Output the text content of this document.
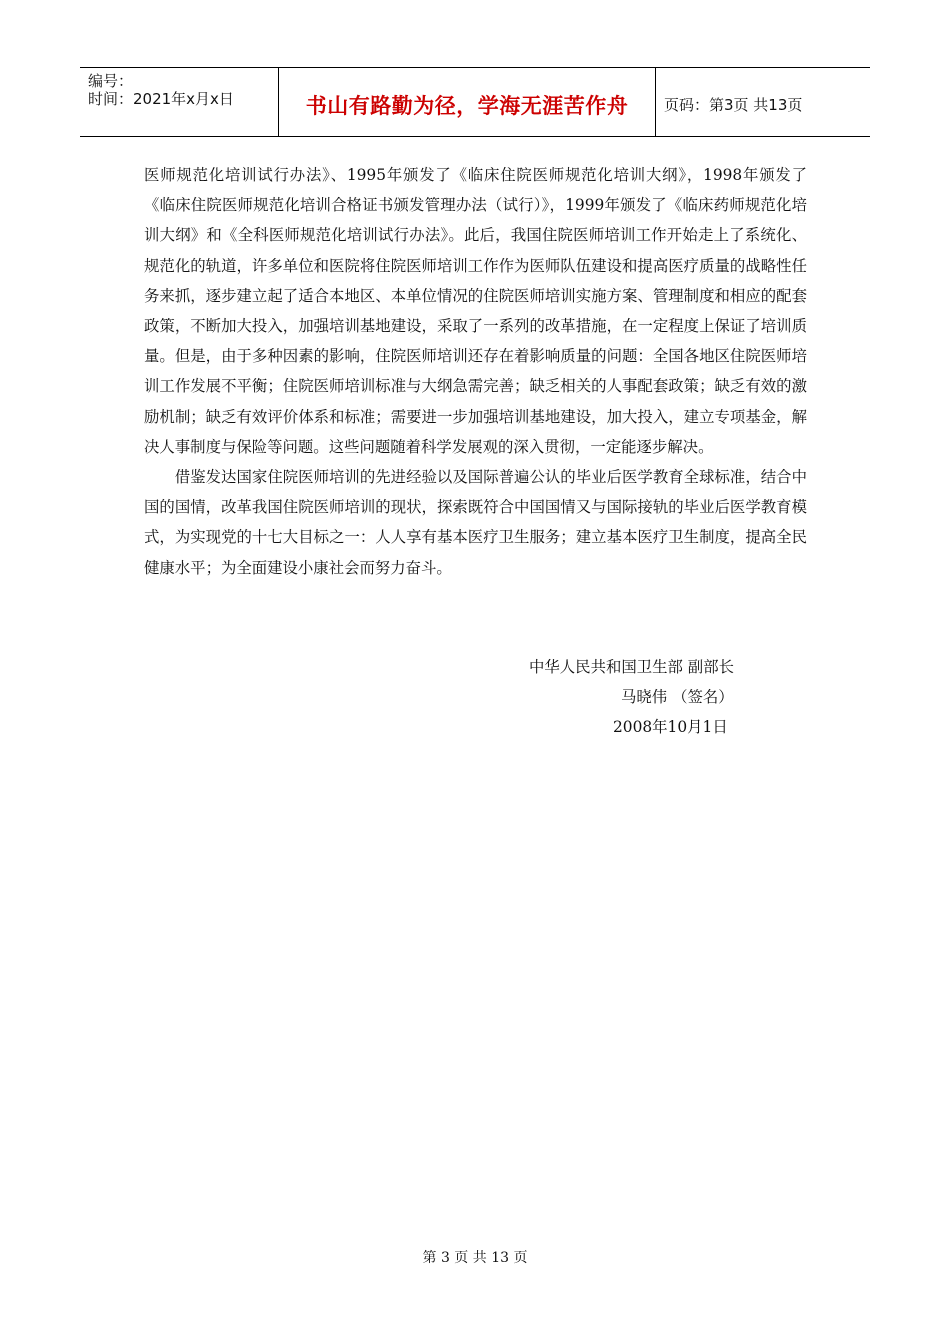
编号：
时间：2021年x月x日	书山有路勤为径，学海无涯苦作舟 页码：第3页 共13页

医师规范化培训试行办法》、1995年颁发了《临床住院医师规范化培训大纲》，1998年颁发了《临床住院医师规范化培训合格证书颁发管理办法（试行）》，1999年颁发了《临床药师规范化培训大纲》和《全科医师规范化培训试行办法》。此后，我国住院医师培训工作开始走上了系统化、规范化的轨道，许多单位和医院将住院医师培训工作作为医师队伍建设和提高医疗质量的战略性任务来抓，逐步建立起了适合本地区、本单位情况的住院医师培训实施方案、管理制度和相应的配套政策，不断加大投入，加强培训基地建设，采取了一系列的改革措施，在一定程度上保证了培训质量。但是，由于多种因素的影响，住院医师培训还存在着影响质量的问题：全国各地区住院医师培训工作发展不平衡；住院医师培训标准与大纲急需完善；缺乏相关的人事配套政策；缺乏有效的激励机制；缺乏有效评价体系和标准；需要进一步加强培训基地建设，加大投入，建立专项基金，解决人事制度与保险等问题。这些问题随着科学发展观的深入贯彻，一定能逐步解决。

借鉴发达国家住院医师培训的先进经验以及国际普遍公认的毕业后医学教育全球标准，结合中国的国情，改革我国住院医师培训的现状，探索既符合中国国情又与国际接轨的毕业后医学教育模式，为实现党的十七大目标之一：人人享有基本医疗卫生服务；建立基本医疗卫生制度，提高全民健康水平；为全面建设小康社会而努力奋斗。

中华人民共和国卫生部 副部长
马晓伟 （签名）
2008年10月1日
第 3 页 共 13 页
